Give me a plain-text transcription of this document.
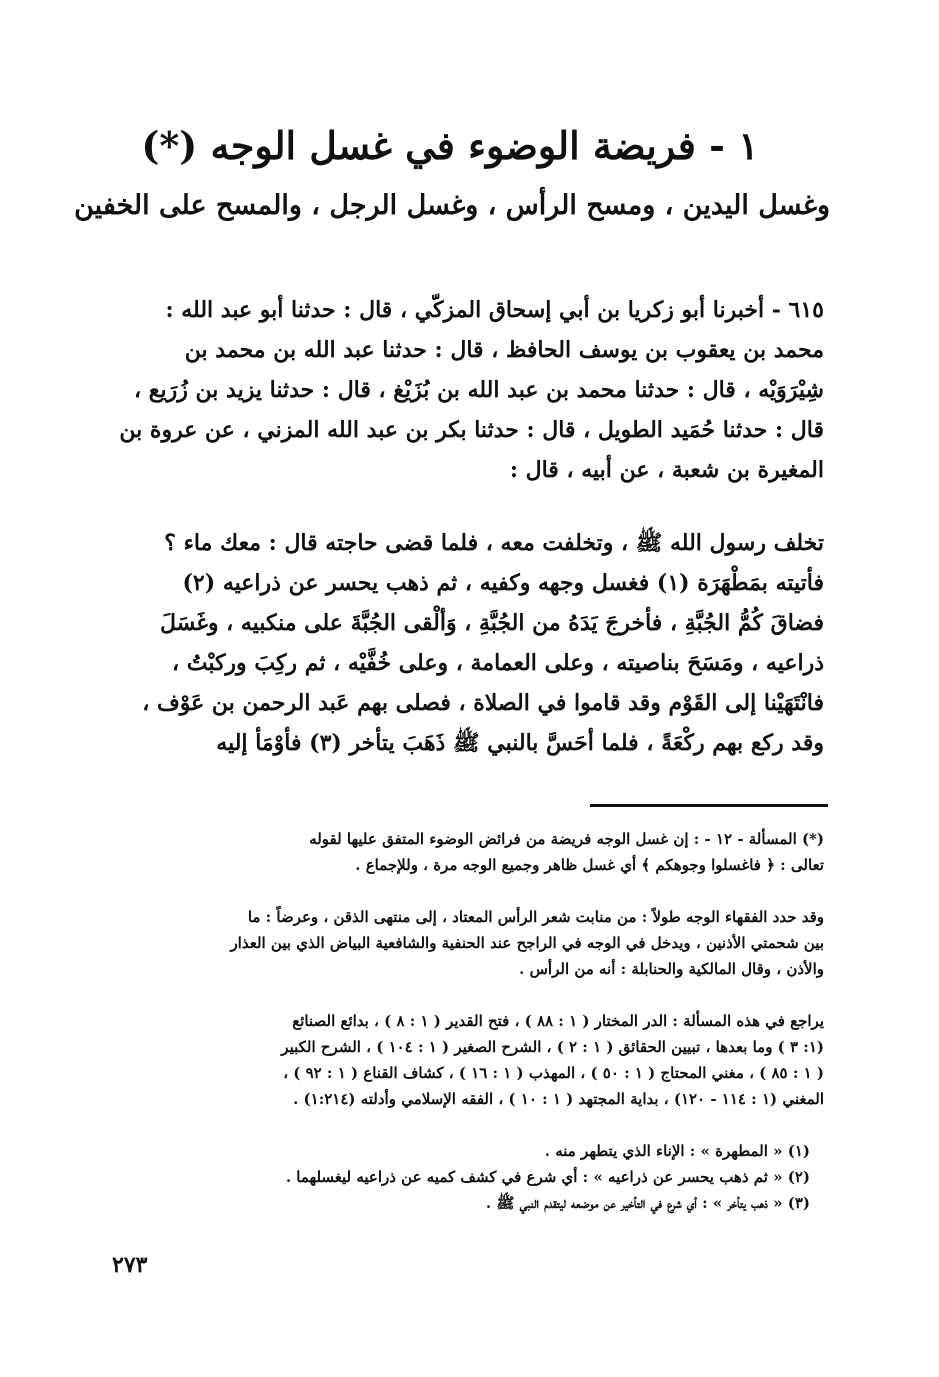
١ - فريضة الوضوء في غسل الوجه (*)
وغسل اليدين ، ومسح الرأس ، وغسل الرجل ، والمسح على الخفين
٦١٥ - أخبرنا أبو زكريا بن أبي إسحاق المزكّي ، قال : حدثنا أبو عبد الله :
محمد بن يعقوب بن يوسف الحافظ ، قال : حدثنا عبد الله بن محمد بن
شِيْرَوَيْه ، قال : حدثنا محمد بن عبد الله بن بُزَيْغ ، قال : حدثنا يزيد بن زُرَيع ،
قال : حدثنا حُمَيد الطويل ، قال : حدثنا بكر بن عبد الله المزني ، عن عروة بن
المغيرة بن شعبة ، عن أبيه ، قال :
تخلف رسول الله ﷺ ، وتخلفت معه ، فلما قضى حاجته قال : معك ماء ؟
فأتيته بمَطْهَرَة (١) فغسل وجهه وكفيه ، ثم ذهب يحسر عن ذراعيه (٢)
فضاقَ كُمُّ الجُبَّةِ ، فأخرجَ يَدَهُ من الجُبَّةِ ، وَألْقى الجُبَّةَ على منكبيه ، وغَسَلَ
ذراعيه ، ومَسَحَ بناصيته ، وعلى العمامة ، وعلى خُفَّيْه ، ثم ركِبَ وركبْتُ ،
فانْتَهَيْنا إلى القَوْم وقد قاموا في الصلاة ، فصلى بهم عَبد الرحمن بن عَوْف ،
وقد ركع بهم ركْعَةً ، فلما أحَسَّ بالنبي ﷺ ذَهَبَ يتأخر (٣) فأوْمَأ إليه
(*) المسألة - ١٢ - : إن غسل الوجه فريضة من فرائض الوضوء المتفق عليها لقوله
تعالى : ﴿ فاغسلوا وجوهكم ﴾ أي غسل ظاهر وجميع الوجه مرة ، وللإجماع .
وقد حدد الفقهاء الوجه طولاً : من منابت شعر الرأس المعتاد ، إلى منتهى الذقن ، وعرضاً : ما
بين شحمتي الأذنين ، ويدخل في الوجه في الراجح عند الحنفية والشافعية البياض الذي بين العذار
والأذن ، وقال المالكية والحنابلة : أنه من الرأس .
يراجع في هذه المسألة : الدر المختار ( ١ : ٨٨ ) ، فتح القدير ( ١ : ٨ ) ، بدائع الصنائع
(١: ٣ ) وما بعدها ، تبيين الحقائق ( ١ : ٢ ) ، الشرح الصغير ( ١ : ١٠٤ ) ، الشرح الكبير
( ١ : ٨٥ ) ، مغني المحتاج ( ١ : ٥٠ ) ، المهذب ( ١ : ١٦ ) ، كشاف القناع ( ١ : ٩٢ ) ،
المغني (١ : ١١٤ - ١٢٠) ، بداية المجتهد ( ١ : ١٠ ) ، الفقه الإسلامي وأدلته (١:٢١٤) .
(١) « المطهرة » : الإناء الذي يتطهر منه .
(٢) « ثم ذهب يحسر عن ذراعيه » : أي شرع في كشف كميه عن ذراعيه ليغسلهما .
(٣) « ذهب يتأخر » : أي شرع في التأخير عن موضعه ليتقدم النبي ﷺ .
٢٧٣
